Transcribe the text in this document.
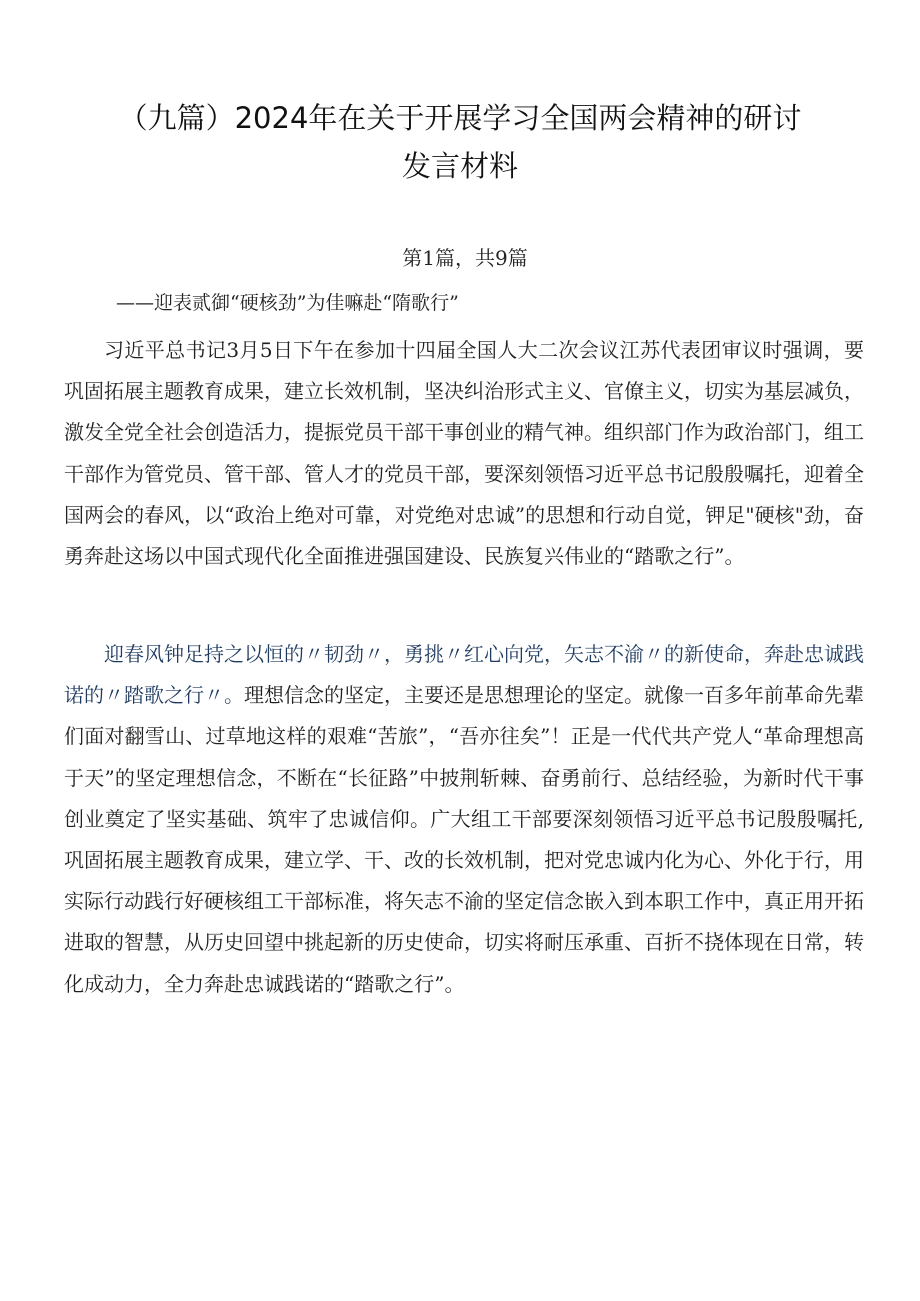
（九篇）2024年在关于开展学习全国两会精神的研讨
发言材料
第1篇，共9篇
——迎表贰御“硬核劲”为佳嘛赴“隋歌行”

习近平总书记3月5日下午在参加十四届全国人大二次会议江苏代表团审议时强调，要巩固拓展主题教育成果，建立长效机制，坚决纠治形式主义、官僚主义，切实为基层减负，激发全党全社会创造活力，提振党员干部干事创业的精气神。组织部门作为政治部门，组工干部作为管党员、管干部、管人才的党员干部，要深刻领悟习近平总书记殷殷嘱托，迎着全国两会的春风，以“政治上绝对可靠，对党绝对忠诚”的思想和行动自觉，钾足"硬核"劲，奋勇奔赴这场以中国式现代化全面推进强国建设、民族复兴伟业的“踏歌之行”。

迎春风钟足持之以恒的〃韧劲〃，勇挑〃红心向党，矢志不渝〃的新使命，奔赴忠诚践诺的〃踏歌之行〃。理想信念的坚定，主要还是思想理论的坚定。就像一百多年前革命先辈们面对翻雪山、过草地这样的艰难“苦旅”，“吾亦往矣”！正是一代代共产党人“革命理想高于天”的坚定理想信念，不断在“长征路”中披荆斩棘、奋勇前行、总结经验，为新时代干事创业奠定了坚实基础、筑牢了忠诚信仰。广大组工干部要深刻领悟习近平总书记殷殷嘱托,巩固拓展主题教育成果，建立学、干、改的长效机制，把对党忠诚内化为心、外化于行，用实际行动践行好硬核组工干部标准，将矢志不渝的坚定信念嵌入到本职工作中，真正用开拓进取的智慧，从历史回望中挑起新的历史使命，切实将耐压承重、百折不挠体现在日常，转化成动力，全力奔赴忠诚践诺的“踏歌之行”。
